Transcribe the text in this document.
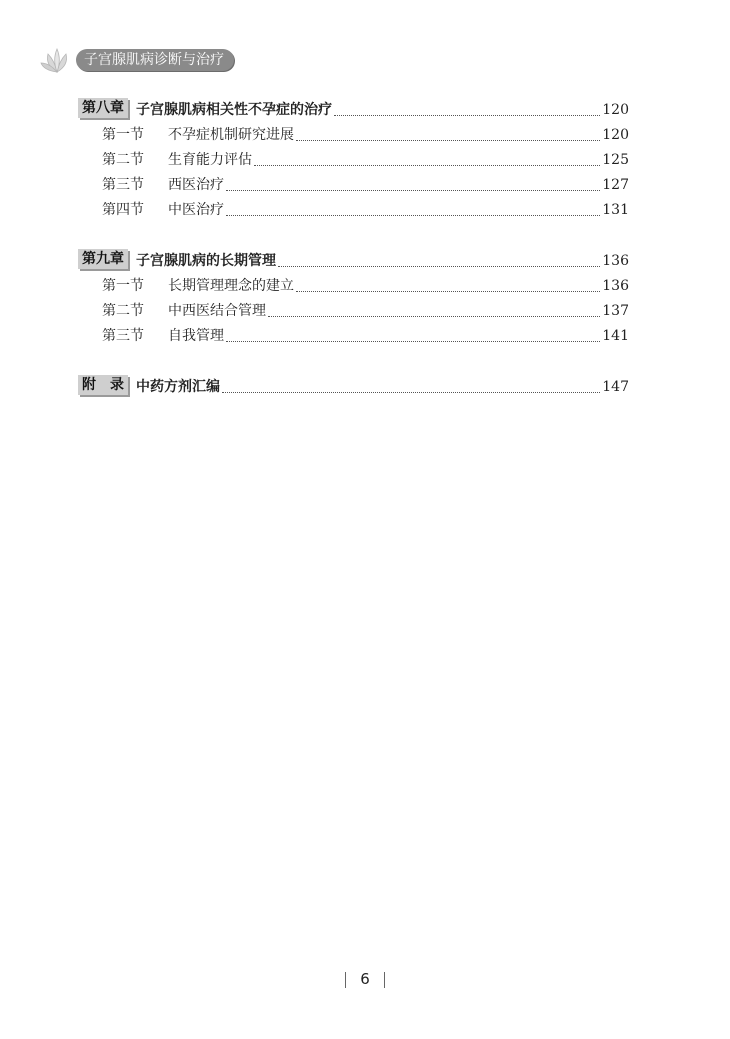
子宫腺肌病诊断与治疗
第八章 子宫腺肌病相关性不孕症的治疗	120
第一节 不孕症机制研究进展	120
第二节 生育能力评估	125
第三节 西医治疗	127
第四节 中医治疗	131
第九章 子宫腺肌病的长期管理	136
第一节 长期管理理念的建立	136
第二节 中西医结合管理	137
第三节 自我管理	141
附　录 中药方剂汇编	147
6
